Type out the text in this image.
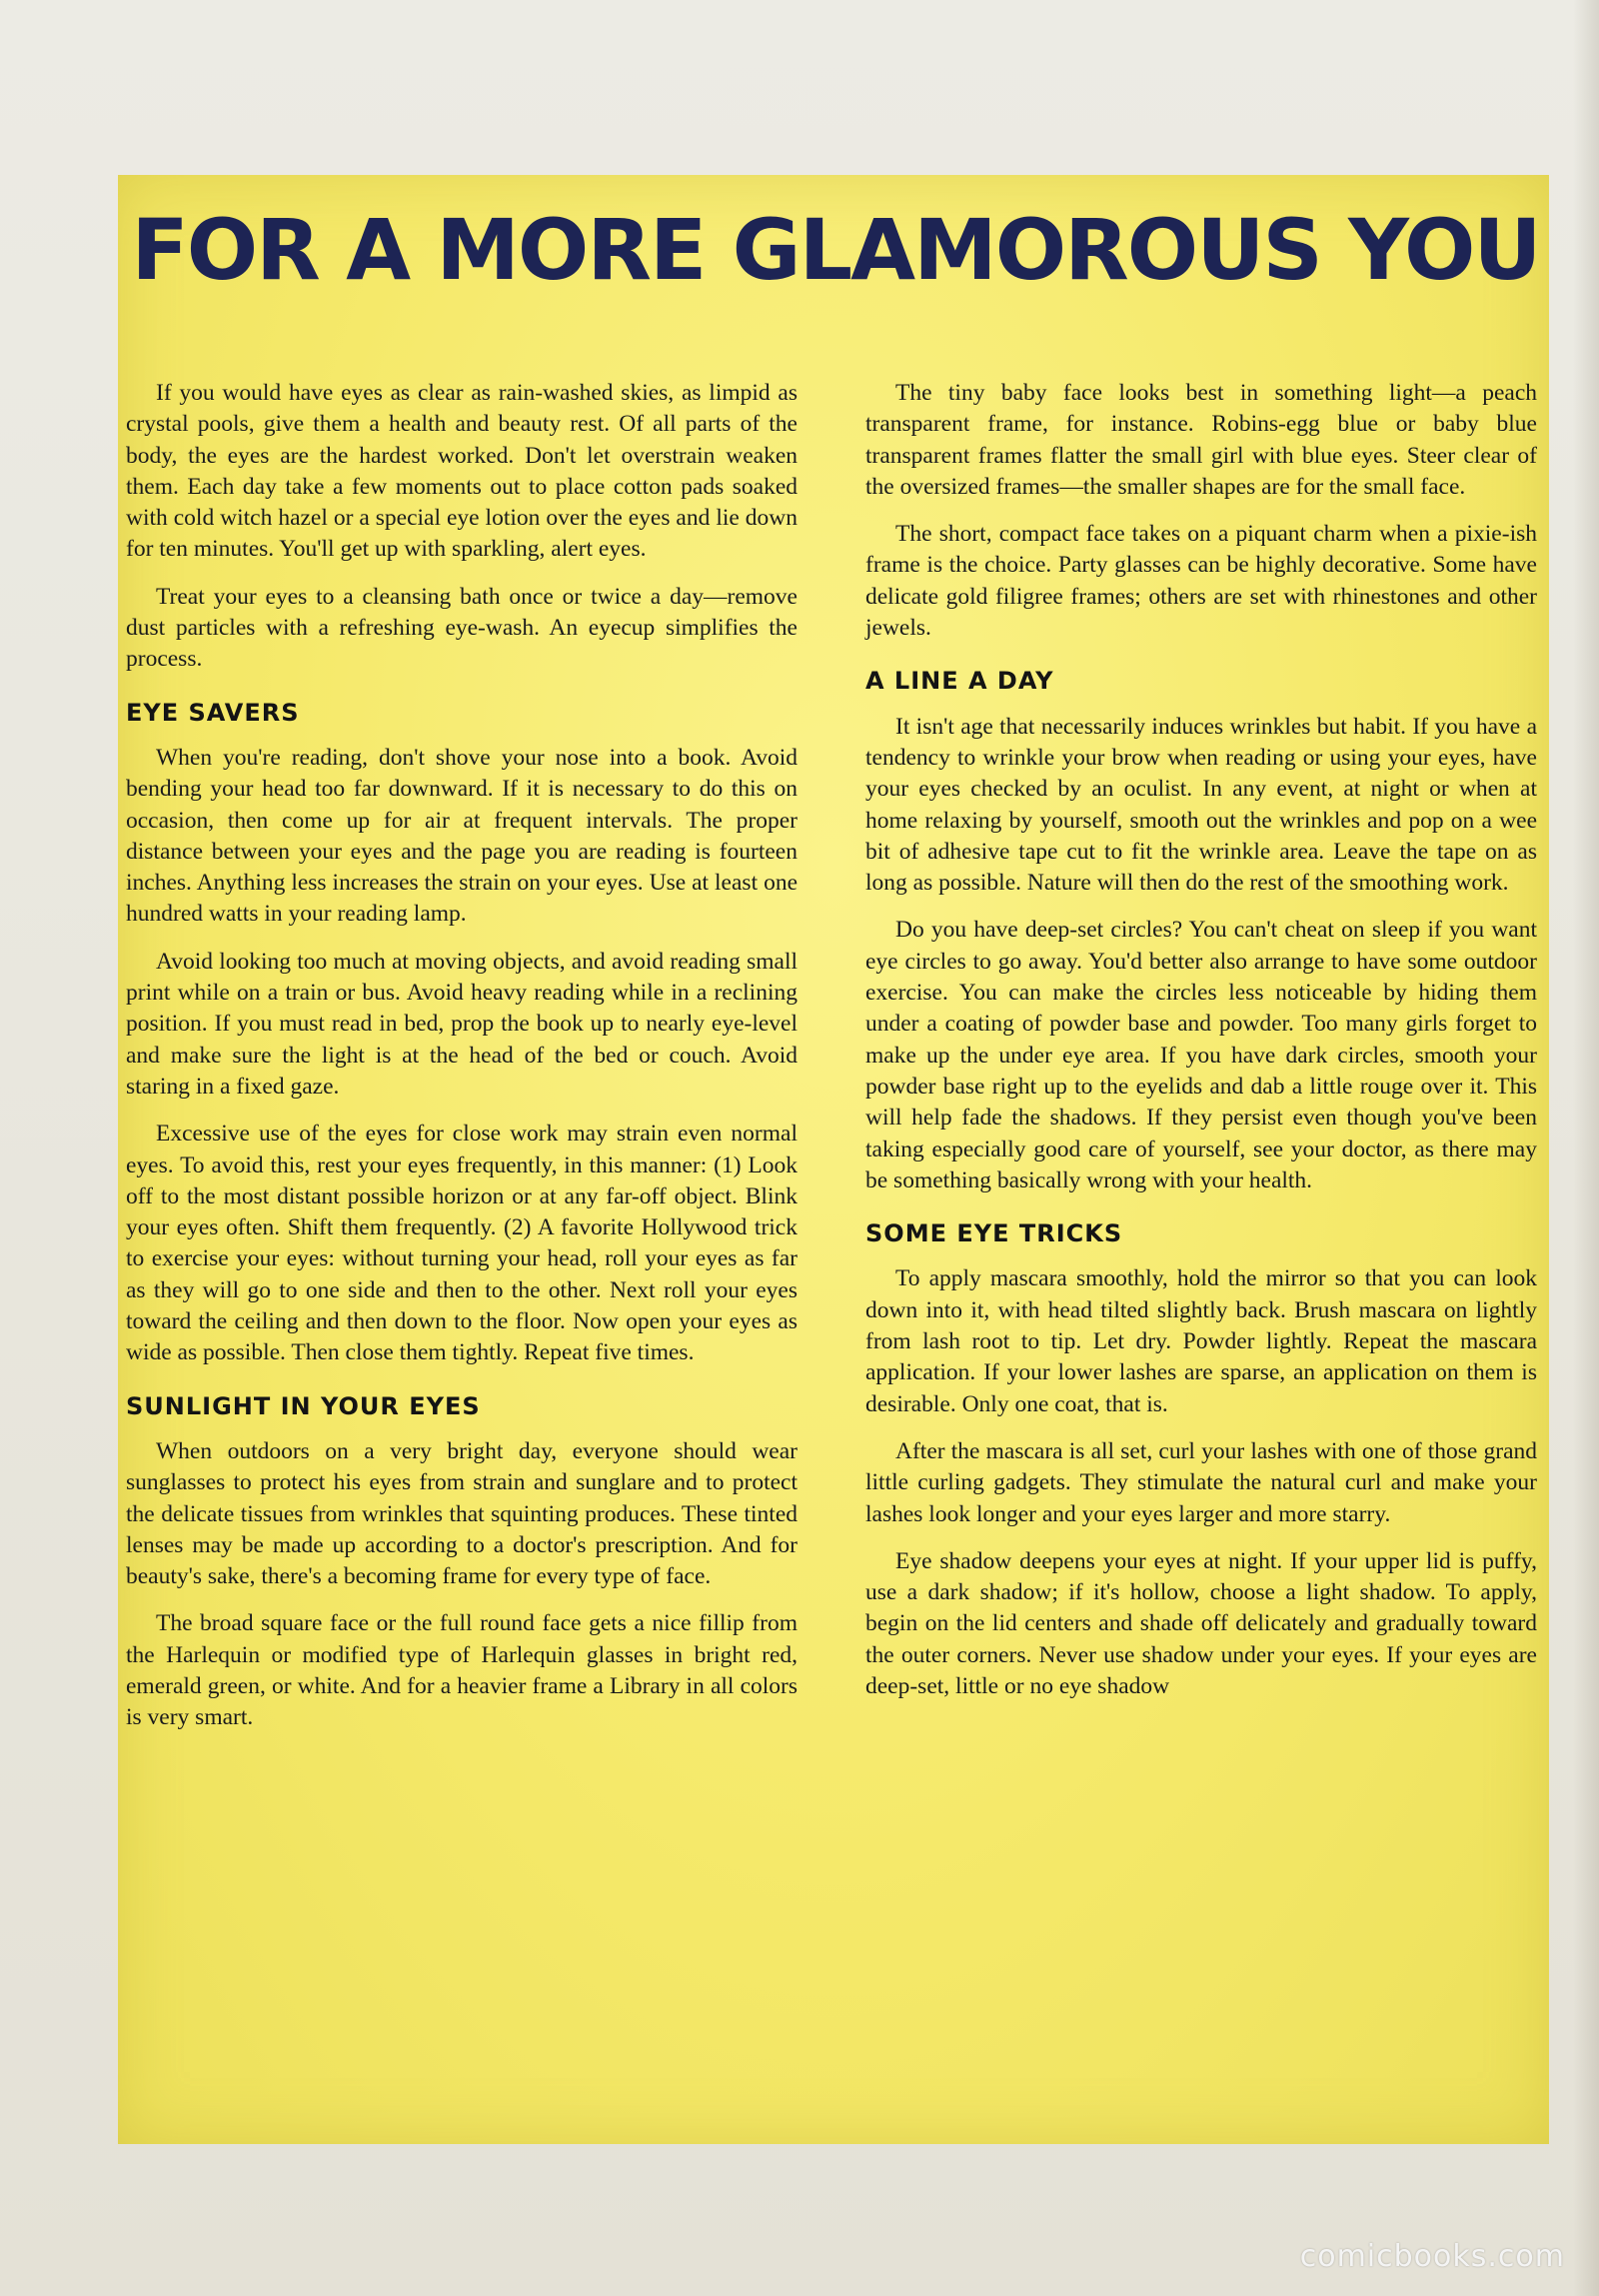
FOR A MORE GLAMOROUS YOU

If you would have eyes as clear as rain-washed skies, as limpid as crystal pools, give them a health and beauty rest. Of all parts of the body, the eyes are the hardest worked. Don't let overstrain weaken them. Each day take a few moments out to place cotton pads soaked with cold witch hazel or a special eye lotion over the eyes and lie down for ten minutes. You'll get up with sparkling, alert eyes.

Treat your eyes to a cleansing bath once or twice a day—remove dust particles with a refreshing eye-wash. An eyecup simplifies the process.

EYE SAVERS

When you're reading, don't shove your nose into a book. Avoid bending your head too far downward. If it is necessary to do this on occasion, then come up for air at frequent intervals. The proper distance between your eyes and the page you are reading is fourteen inches. Anything less increases the strain on your eyes. Use at least one hundred watts in your reading lamp.

Avoid looking too much at moving objects, and avoid reading small print while on a train or bus. Avoid heavy reading while in a reclining position. If you must read in bed, prop the book up to nearly eye-level and make sure the light is at the head of the bed or couch. Avoid staring in a fixed gaze.

Excessive use of the eyes for close work may strain even normal eyes. To avoid this, rest your eyes frequently, in this manner: (1) Look off to the most distant possible horizon or at any far-off object. Blink your eyes often. Shift them frequently. (2) A favorite Hollywood trick to exercise your eyes: without turning your head, roll your eyes as far as they will go to one side and then to the other. Next roll your eyes toward the ceiling and then down to the floor. Now open your eyes as wide as possible. Then close them tightly. Repeat five times.

SUNLIGHT IN YOUR EYES

When outdoors on a very bright day, everyone should wear sunglasses to protect his eyes from strain and sunglare and to protect the delicate tissues from wrinkles that squinting produces. These tinted lenses may be made up according to a doctor's prescription. And for beauty's sake, there's a becoming frame for every type of face.

The broad square face or the full round face gets a nice fillip from the Harlequin or modified type of Harlequin glasses in bright red, emerald green, or white. And for a heavier frame a Library in all colors is very smart.

The tiny baby face looks best in something light—a peach transparent frame, for instance. Robins-egg blue or baby blue transparent frames flatter the small girl with blue eyes. Steer clear of the oversized frames—the smaller shapes are for the small face.

The short, compact face takes on a piquant charm when a pixie-ish frame is the choice. Party glasses can be highly decorative. Some have delicate gold filigree frames; others are set with rhinestones and other jewels.

A LINE A DAY

It isn't age that necessarily induces wrinkles but habit. If you have a tendency to wrinkle your brow when reading or using your eyes, have your eyes checked by an oculist. In any event, at night or when at home relaxing by yourself, smooth out the wrinkles and pop on a wee bit of adhesive tape cut to fit the wrinkle area. Leave the tape on as long as possible. Nature will then do the rest of the smoothing work.

Do you have deep-set circles? You can't cheat on sleep if you want eye circles to go away. You'd better also arrange to have some outdoor exercise. You can make the circles less noticeable by hiding them under a coating of powder base and powder. Too many girls forget to make up the under eye area. If you have dark circles, smooth your powder base right up to the eyelids and dab a little rouge over it. This will help fade the shadows. If they persist even though you've been taking especially good care of yourself, see your doctor, as there may be something basically wrong with your health.

SOME EYE TRICKS

To apply mascara smoothly, hold the mirror so that you can look down into it, with head tilted slightly back. Brush mascara on lightly from lash root to tip. Let dry. Powder lightly. Repeat the mascara application. If your lower lashes are sparse, an application on them is desirable. Only one coat, that is.

After the mascara is all set, curl your lashes with one of those grand little curling gadgets. They stimulate the natural curl and make your lashes look longer and your eyes larger and more starry.

Eye shadow deepens your eyes at night. If your upper lid is puffy, use a dark shadow; if it's hollow, choose a light shadow. To apply, begin on the lid centers and shade off delicately and gradually toward the outer corners. Never use shadow under your eyes. If your eyes are deep-set, little or no eye shadow

comicbooks.com
